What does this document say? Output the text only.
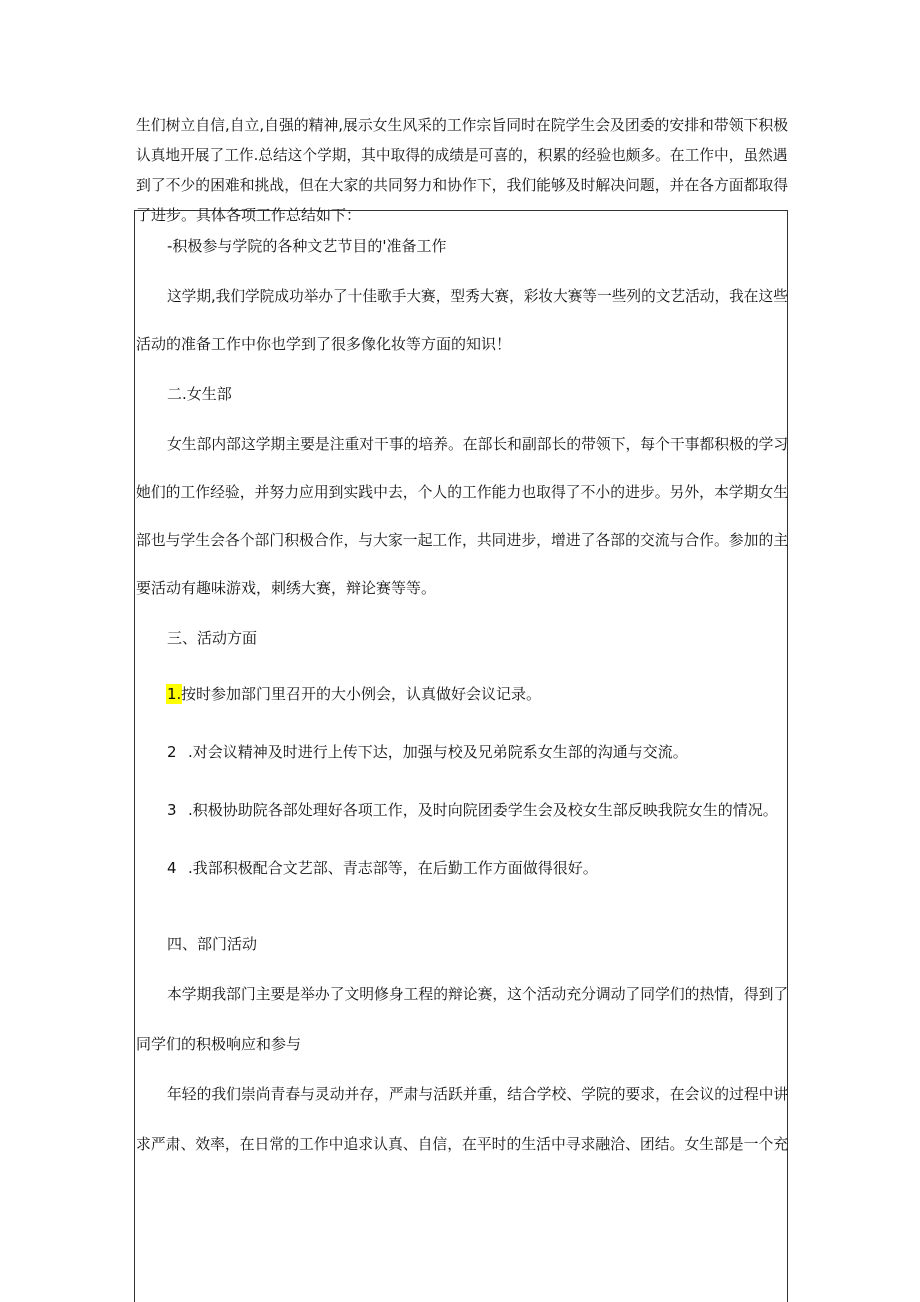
生们树立自信,自立,自强的精神,展示女生风采的工作宗旨同时在院学生会及团委的安排和带领下积极

认真地开展了工作.总结这个学期，其中取得的成绩是可喜的，积累的经验也颇多。在工作中，虽然遇

到了不少的困难和挑战，但在大家的共同努力和协作下，我们能够及时解决问题，并在各方面都取得

了进步。具体各项工作总结如下：

-积极参与学院的各种文艺节目的'准备工作
这学期,我们学院成功举办了十佳歌手大赛，型秀大赛，彩妆大赛等一些列的文艺活动，我在这些
活动的准备工作中你也学到了很多像化妆等方面的知识！
二.女生部
女生部内部这学期主要是注重对干事的培养。在部长和副部长的带领下，每个干事都积极的学习
她们的工作经验，并努力应用到实践中去，个人的工作能力也取得了不小的进步。另外，本学期女生
部也与学生会各个部门积极合作，与大家一起工作，共同进步，增进了各部的交流与合作。参加的主
要活动有趣味游戏，刺绣大赛，辩论赛等等。
三、活动方面
1. 按时参加部门里召开的大小例会，认真做好会议记录。
2 .对会议精神及时进行上传下达，加强与校及兄弟院系女生部的沟通与交流。
3 .积极协助院各部处理好各项工作，及时向院团委学生会及校女生部反映我院女生的情况。
4 .我部积极配合文艺部、青志部等，在后勤工作方面做得很好。
四、部门活动
本学期我部门主要是举办了文明修身工程的辩论赛，这个活动充分调动了同学们的热情，得到了
同学们的积极响应和参与
年轻的我们崇尚青春与灵动并存，严肃与活跃并重，结合学校、学院的要求，在会议的过程中讲
求严肃、效率，在日常的工作中追求认真、自信，在平时的生活中寻求融洽、团结。女生部是一个充
